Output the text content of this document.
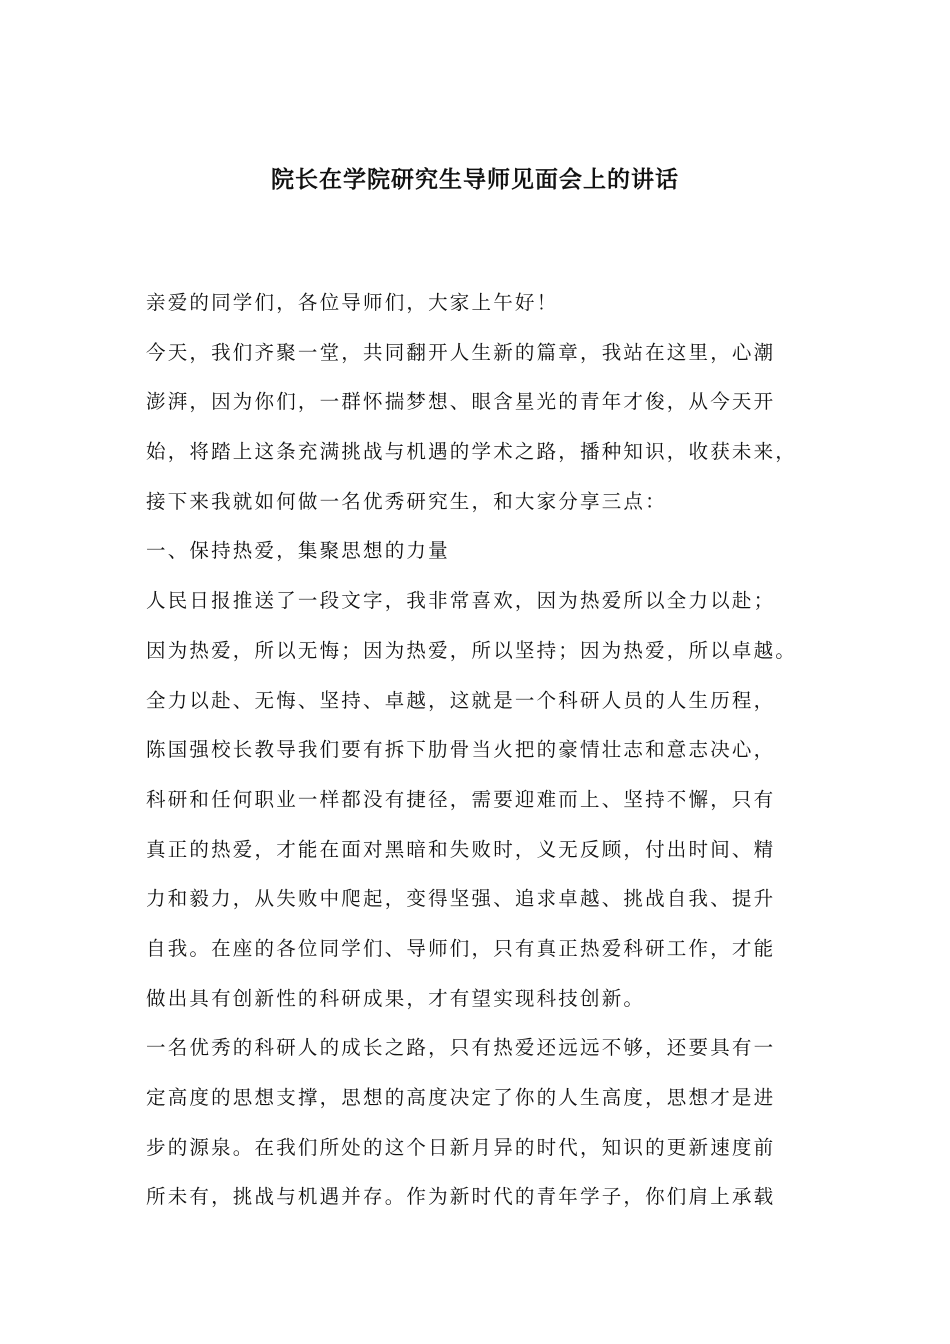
院长在学院研究生导师见面会上的讲话
亲爱的同学们，各位导师们，大家上午好！
今天，我们齐聚一堂，共同翻开人生新的篇章，我站在这里，心潮
澎湃，因为你们，一群怀揣梦想、眼含星光的青年才俊，从今天开
始，将踏上这条充满挑战与机遇的学术之路，播种知识，收获未来，
接下来我就如何做一名优秀研究生，和大家分享三点：
一、保持热爱，集聚思想的力量
人民日报推送了一段文字，我非常喜欢，因为热爱所以全力以赴；
因为热爱，所以无悔；因为热爱，所以坚持；因为热爱，所以卓越。
全力以赴、无悔、坚持、卓越，这就是一个科研人员的人生历程，
陈国强校长教导我们要有拆下肋骨当火把的豪情壮志和意志决心，
科研和任何职业一样都没有捷径，需要迎难而上、坚持不懈，只有
真正的热爱，才能在面对黑暗和失败时，义无反顾，付出时间、精
力和毅力，从失败中爬起，变得坚强、追求卓越、挑战自我、提升
自我。在座的各位同学们、导师们，只有真正热爱科研工作，才能
做出具有创新性的科研成果，才有望实现科技创新。
一名优秀的科研人的成长之路，只有热爱还远远不够，还要具有一
定高度的思想支撑，思想的高度决定了你的人生高度，思想才是进
步的源泉。在我们所处的这个日新月异的时代，知识的更新速度前
所未有，挑战与机遇并存。作为新时代的青年学子，你们肩上承载
